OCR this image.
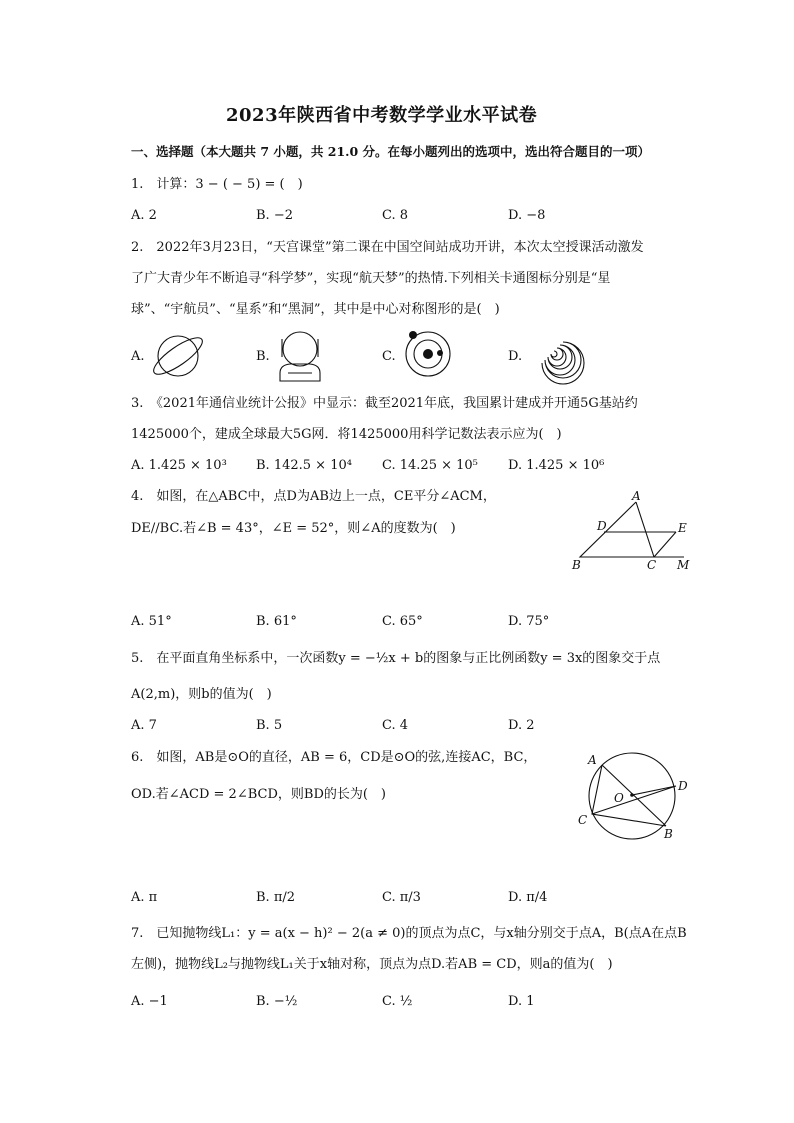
2023年陕西省中考数学学业水平试卷
一、选择题（本大题共 7 小题，共 21.0 分。在每小题列出的选项中，选出符合题目的一项）
1.　计算：3 − ( − 5) = (　)
A. 2	B. −2	C. 8	D. −8
2.　2022年3月23日，“天宫课堂”第二课在中国空间站成功开讲，本次太空授课活动激发
了广大青少年不断追寻“科学梦”，实现“航天梦”的热情.下列相关卡通图标分别是“星
球”、“宇航员”、“星系”和“黑洞”，其中是中心对称图形的是(　)
A.	B.	C.	D.
3.　《2021年通信业统计公报》中显示：截至2021年底，我国累计建成并开通5G基站约
1425000个，建成全球最大5G网．将1425000用科学记数法表示应为(　)
A. 1.425 × 10³ B. 142.5 × 10⁴ C. 14.25 × 10⁵ D. 1.425 × 10⁶
4.　如图，在△ABC中，点D为AB边上一点，CE平分∠ACM，
DE//BC.若∠B = 43°，∠E = 52°，则∠A的度数为(　)
A
D	E
B	C M
A. 51°	B. 61°	C. 65°	D. 75°
5.　在平面直角坐标系中，一次函数y = −½x + b的图象与正比例函数y = 3x的图象交于点
A(2,m)，则b的值为(　)
A. 7	B. 5	C. 4	D. 2
6.　如图，AB是⊙O的直径，AB = 6，CD是⊙O的弦,连接AC，BC，
OD.若∠ACD = 2∠BCD，则BD的长为(　)
A
D
O
C
B
A. π	B. π/2	C. π/3	D. π/4
7.　已知抛物线L₁：y = a(x − h)² − 2(a ≠ 0)的顶点为点C，与x轴分别交于点A，B(点A在点B
左侧)，抛物线L₂与抛物线L₁关于x轴对称，顶点为点D.若AB = CD，则a的值为(　)
A. −1	B. −½	C. ½	D. 1
